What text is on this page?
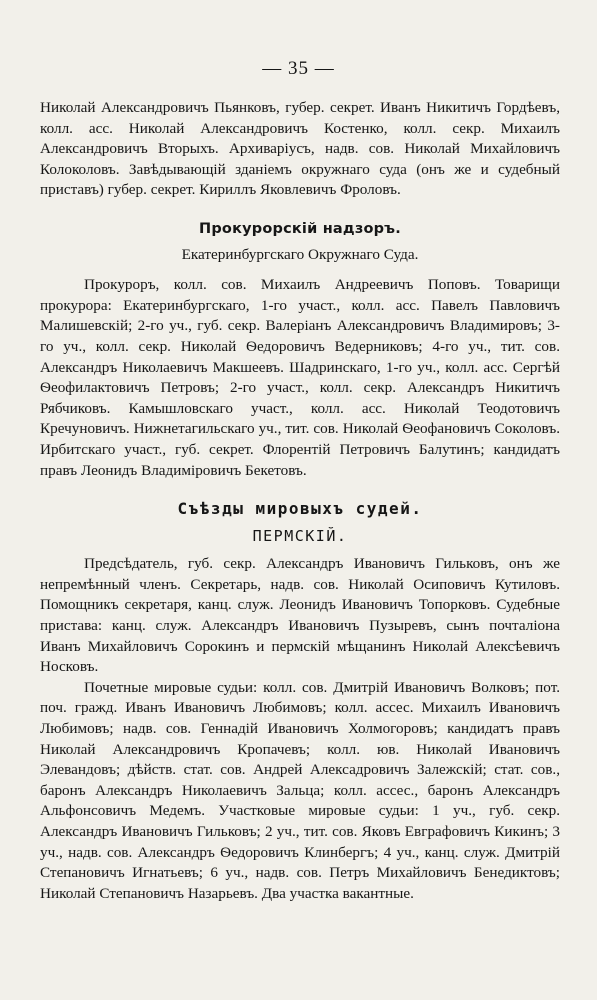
— 35 —

Николай Александровичъ Пьянковъ, губер. секрет. Иванъ Никитичъ Гордѣевъ, колл. асс. Николай Александровичъ Костенко, колл. секр. Михаилъ Александровичъ Вторыхъ. Архиваріусъ, надв. сов. Николай Михайловичъ Колоколовъ. Завѣдывающій зданіемъ окружнаго суда (онъ же и судебный приставъ) губер. секрет. Кириллъ Яковлевичъ Фроловъ.

Прокурорскій надзоръ.
Екатеринбургскаго Окружнаго Суда.

Прокуроръ, колл. сов. Михаилъ Андреевичъ Поповъ. Товарищи прокурора: Екатеринбургскаго, 1-го участ., колл. асс. Павелъ Павловичъ Малишевскій; 2-го уч., губ. секр. Валеріанъ Александровичъ Владимировъ; 3-го уч., колл. секр. Николай Ѳедоровичъ Ведерниковъ; 4-го уч., тит. сов. Александръ Николаевичъ Макшеевъ. Шадринскаго, 1-го уч., колл. асс. Сергѣй Ѳеофилактовичъ Петровъ; 2-го участ., колл. секр. Александръ Никитичъ Рябчиковъ. Камышловскаго участ., колл. асс. Николай Теодотовичъ Кречуновичъ. Нижнетагильскаго уч., тит. сов. Николай Ѳеофановичъ Соколовъ. Ирбитскаго участ., губ. секрет. Флорентій Петровичъ Балутинъ; кандидатъ правъ Леонидъ Владиміровичъ Бекетовъ.

Съѣзды мировыхъ судей.
ПЕРМСКІЙ.

Предсѣдатель, губ. секр. Александръ Ивановичъ Гильковъ, онъ же непремѣнный членъ. Секретарь, надв. сов. Николай Осиповичъ Кутиловъ. Помощникъ секретаря, канц. служ. Леонидъ Ивановичъ Топорковъ. Судебные пристава: канц. служ. Александръ Ивановичъ Пузыревъ, сынъ почталіона Иванъ Михайловичъ Сорокинъ и пермскій мѣщанинъ Николай Алексѣевичъ Носковъ.

Почетные мировые судьи: колл. сов. Дмитрій Ивановичъ Волковъ; пот. поч. гражд. Иванъ Ивановичъ Любимовъ; колл. ассес. Михаилъ Ивановичъ Любимовъ; надв. сов. Геннадій Ивановичъ Холмогоровъ; кандидатъ правъ Николай Александровичъ Кропачевъ; колл. юв. Николай Ивановичъ Элевандовъ; дѣйств. стат. сов. Андрей Алексадровичъ Залежскій; стат. сов., баронъ Александръ Николаевичъ Зальца; колл. ассес., баронъ Александръ Альфонсовичъ Медемъ. Участковые мировые судьи: 1 уч., губ. секр. Александръ Ивановичъ Гильковъ; 2 уч., тит. сов. Яковъ Евграфовичъ Кикинъ; 3 уч., надв. сов. Александръ Ѳедоровичъ Клинбергъ; 4 уч., канц. служ. Дмитрій Степановичъ Игнатьевъ; 6 уч., надв. сов. Петръ Михайловичъ Бенедиктовъ; Николай Степановичъ Назарьевъ. Два участка вакантные.
